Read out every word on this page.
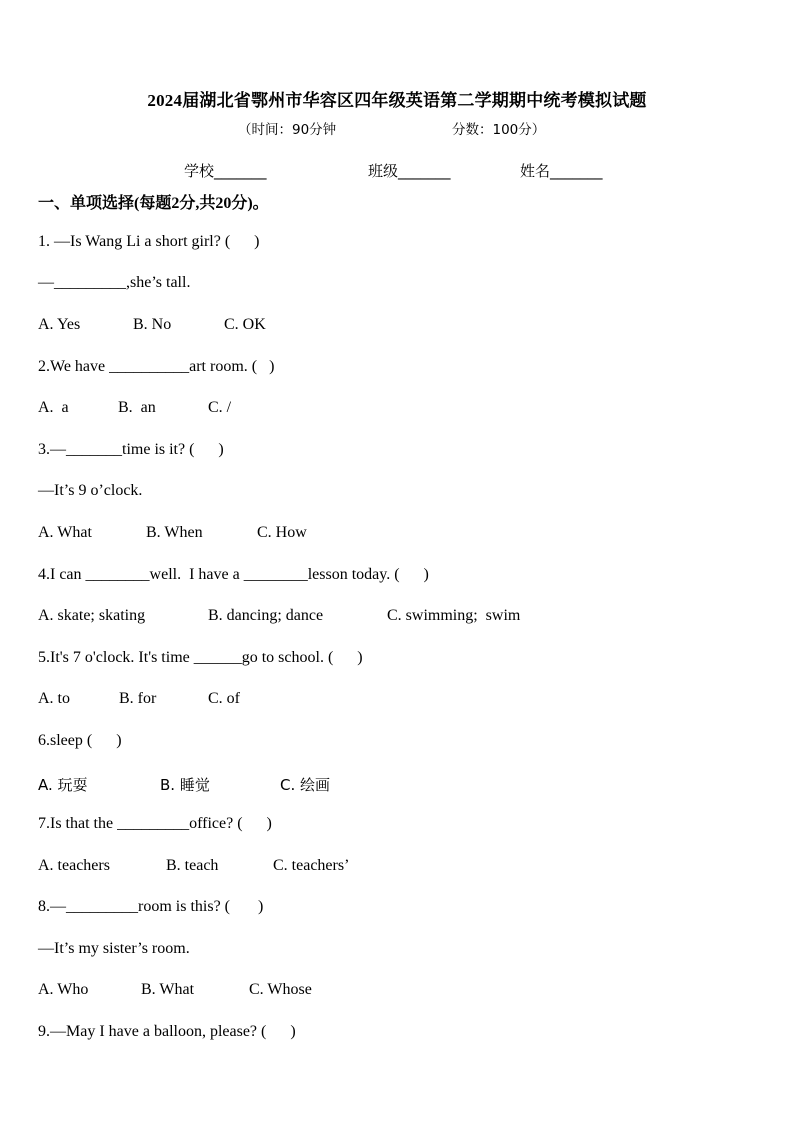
2024届湖北省鄂州市华容区四年级英语第二学期期中统考模拟试题
（时间：90分钟	分数：100分）
学校_______	班级_______	姓名_______
一、单项选择(每题2分,共20分)。
1. —Is Wang Li a short girl? (      )
—_________,she’s tall.
A. Yes	B. No	C. OK
2.We have __________art room. (   )
A.  a	B.  an	C. /
3.—_______time is it? (      )
—It’s 9 o’clock.
A. What	B. When	C. How
4.I can ________well.  I have a ________lesson today. (      )
A. skate; skating	B. dancing; dance	C. swimming;  swim
5.It's 7 o'clock. It's time ______go to school. (      )
A. to	B. for	C. of
6.sleep (      )
A. 玩耍	B. 睡觉	C. 绘画
7.Is that the _________office? (      )
A. teachers	B. teach	C. teachers’
8.—_________room is this? (       )
—It’s my sister’s room.
A. Who	B. What	C. Whose
9.—May I have a balloon, please? (      )
